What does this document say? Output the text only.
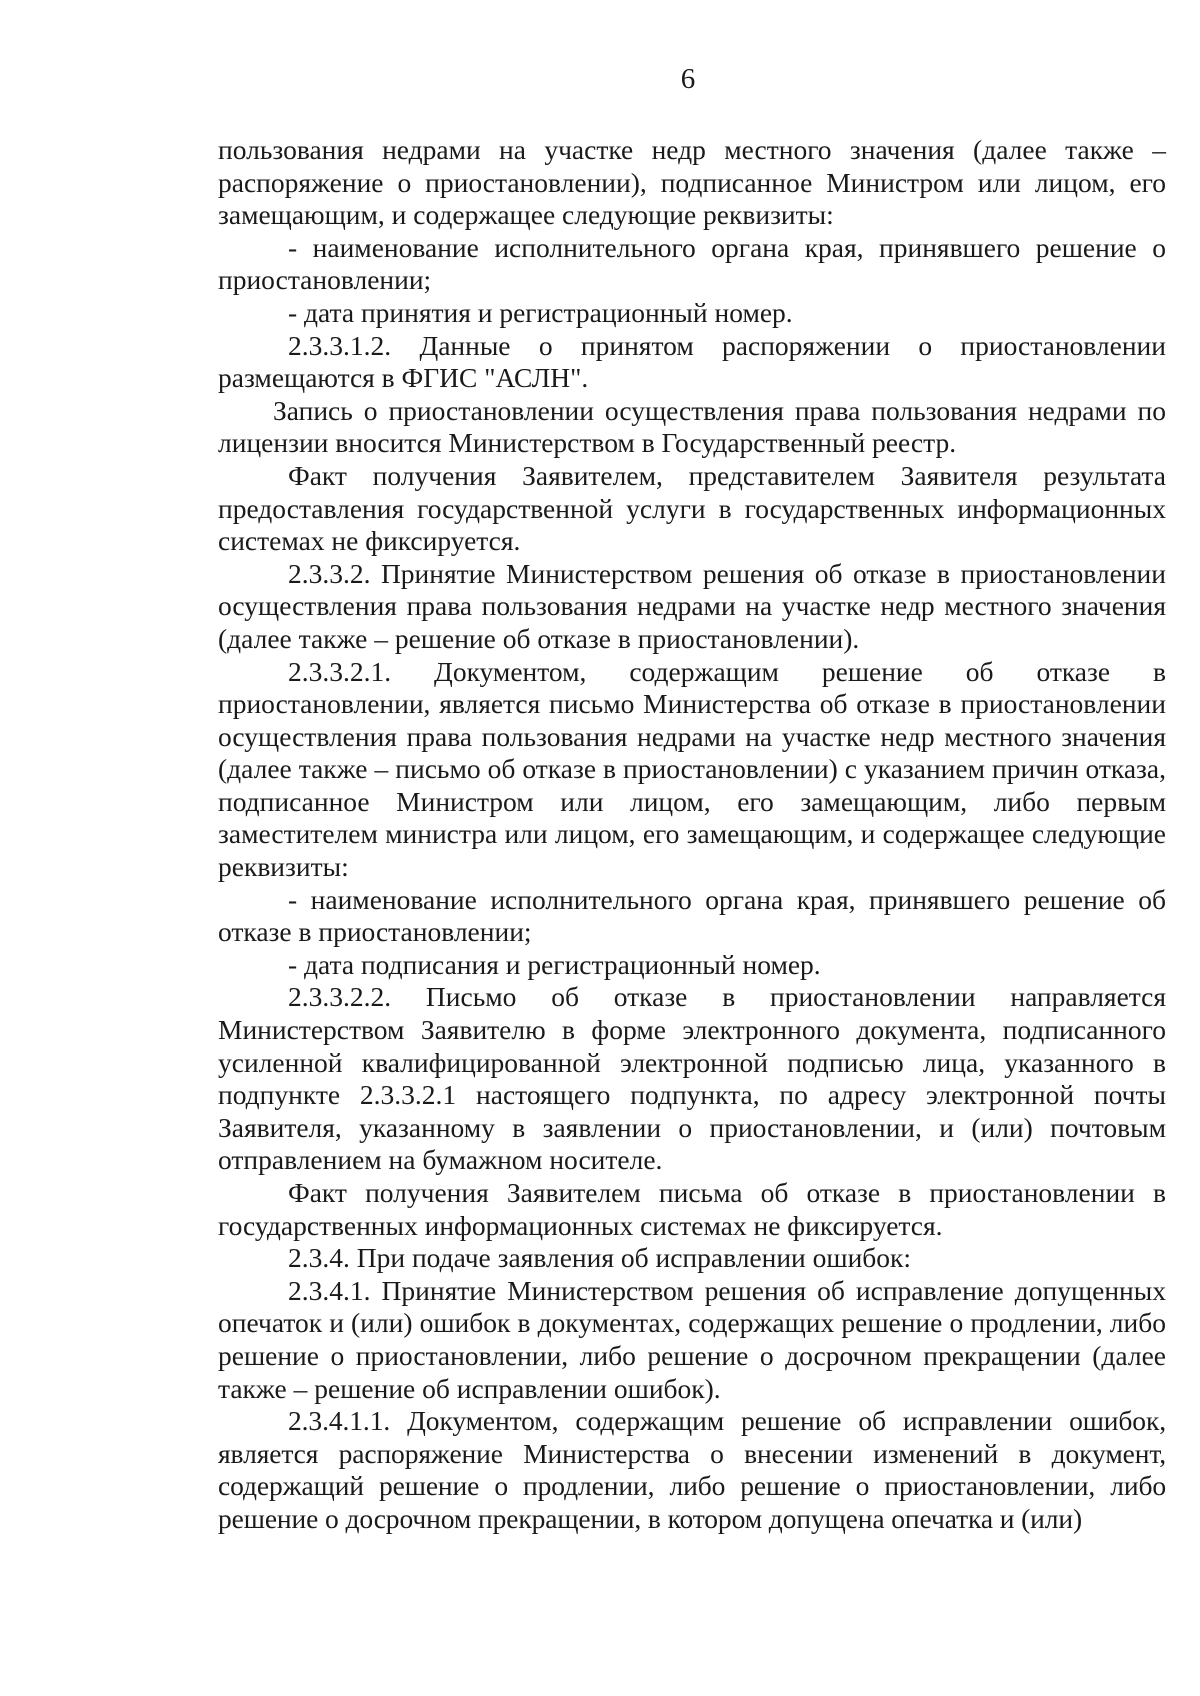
6

пользования недрами на участке недр местного значения (далее также – распоряжение о приостановлении), подписанное Министром или лицом, его замещающим, и содержащее следующие реквизиты:

- наименование исполнительного органа края, принявшего решение о приостановлении;

- дата принятия и регистрационный номер.

2.3.3.1.2. Данные о принятом распоряжении о приостановлении размещаются в ФГИС "АСЛН".

Запись о приостановлении осуществления права пользования недрами по лицензии вносится Министерством в Государственный реестр.

Факт получения Заявителем, представителем Заявителя результата предоставления государственной услуги в государственных информационных системах не фиксируется.

2.3.3.2. Принятие Министерством решения об отказе в приостановлении осуществления права пользования недрами на участке недр местного значения (далее также – решение об отказе в приостановлении).

2.3.3.2.1. Документом, содержащим решение об отказе в приостановлении, является письмо Министерства об отказе в приостановлении осуществления права пользования недрами на участке недр местного значения (далее также – письмо об отказе в приостановлении) с указанием причин отказа, подписанное Министром или лицом, его замещающим, либо первым заместителем министра или лицом, его замещающим, и содержащее следующие реквизиты:

- наименование исполнительного органа края, принявшего решение об отказе в приостановлении;

- дата подписания и регистрационный номер.

2.3.3.2.2. Письмо об отказе в приостановлении направляется Министерством Заявителю в форме электронного документа, подписанного усиленной квалифицированной электронной подписью лица, указанного в подпункте 2.3.3.2.1 настоящего подпункта, по адресу электронной почты Заявителя, указанному в заявлении о приостановлении, и (или) почтовым отправлением на бумажном носителе.

Факт получения Заявителем письма об отказе в приостановлении в государственных информационных системах не фиксируется.

2.3.4. При подаче заявления об исправлении ошибок:

2.3.4.1. Принятие Министерством решения об исправление допущенных опечаток и (или) ошибок в документах, содержащих решение о продлении, либо решение о приостановлении, либо решение о досрочном прекращении (далее также – решение об исправлении ошибок).

2.3.4.1.1. Документом, содержащим решение об исправлении ошибок, является распоряжение Министерства о внесении изменений в документ, содержащий решение о продлении, либо решение о приостановлении, либо решение о досрочном прекращении, в котором допущена опечатка и (или)
